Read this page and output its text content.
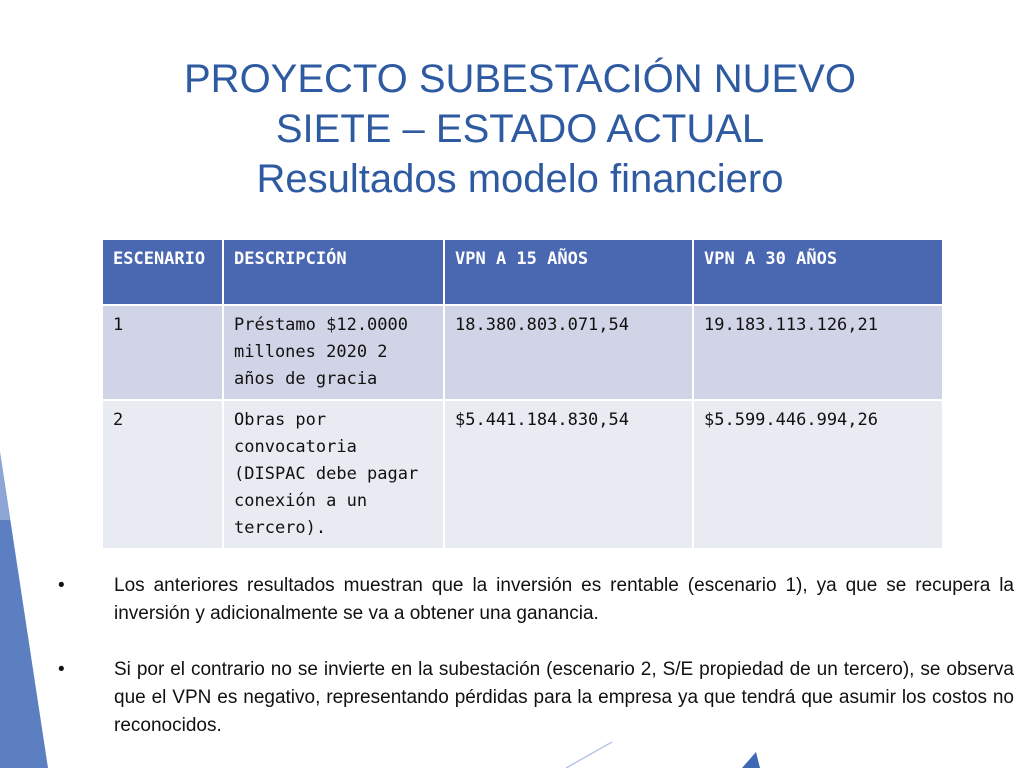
PROYECTO SUBESTACIÓN NUEVO
SIETE – ESTADO ACTUAL
Resultados modelo financiero
ESCENARIO	DESCRIPCIÓN	VPN A 15 AÑOS	VPN A 30 AÑOS
1	Préstamo $12.0000 millones 2020 2 años de gracia	18.380.803.071,54	19.183.113.126,21
2	Obras por convocatoria (DISPAC debe pagar conexión a un tercero).	$5.441.184.830,54	$5.599.446.994,26
•	Los anteriores resultados muestran que la inversión es rentable (escenario 1), ya que se recupera la inversión y adicionalmente se va a obtener una ganancia.
•	Si por el contrario no se invierte en la subestación (escenario 2, S/E propiedad de un tercero), se observa que el VPN es negativo, representando pérdidas para la empresa ya que tendrá que asumir los costos no reconocidos.
